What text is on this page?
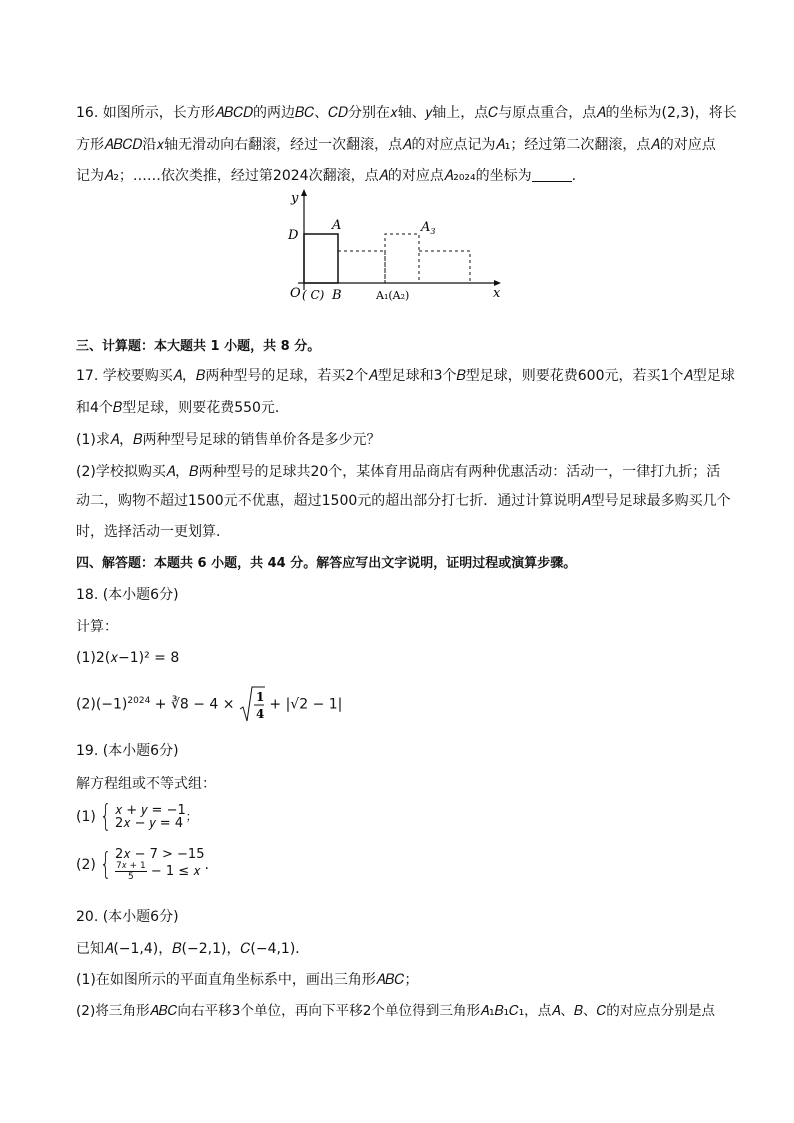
16. 如图所示，长方形𝐴𝐵𝐶𝐷的两边𝐵𝐶、𝐶𝐷分别在𝑥轴、𝑦轴上，点𝐶与原点重合，点𝐴的坐标为(2,3)，将长
方形𝐴𝐵𝐶𝐷沿𝑥轴无滑动向右翻滚，经过一次翻滚，点𝐴的对应点记为𝐴₁；经过第二次翻滚，点𝐴的对应点
记为𝐴₂；……依次类推，经过第2024次翻滚，点𝐴的对应点𝐴₂₀₂₄的坐标为	.
y
D
A	$A_3$
O ( C) B	A₁(A₂)	x
三、计算题：本大题共 1 小题，共 8 分。
17. 学校要购买𝐴，𝐵两种型号的足球，若买2个𝐴型足球和3个𝐵型足球，则要花费600元，若买1个𝐴型足球
和4个𝐵型足球，则要花费550元．
(1)求𝐴，𝐵两种型号足球的销售单价各是多少元？
(2)学校拟购买𝐴，𝐵两种型号的足球共20个，某体育用品商店有两种优惠活动：活动一，一律打九折；活
动二，购物不超过1500元不优惠，超过1500元的超出部分打七折．通过计算说明𝐴型号足球最多购买几个
时，选择活动一更划算．
四、解答题：本题共 6 小题，共 44 分。解答应写出文字说明，证明过程或演算步骤。
18. (本小题6分)
计算：
(1)2(𝑥−1)² = 8
$(2)(-1)^{2024}$ + ∛8 − 4 × 1
4
+ |√2 − 1|
19. (本小题6分)
解方程组或不等式组：
(1) { 𝑥 + 𝑦 = −1
2𝑥 − 𝑦 = 4 ；
(2) { 2𝑥 − 7 > −15
$\frac{\text{7𝑥 + 1}}{5} - 1$ ≤ 𝑥 .
20. (本小题6分)
已知𝐴(−1,4)，𝐵(−2,1)，𝐶(−4,1)．
(1)在如图所示的平面直角坐标系中，画出三角形𝐴𝐵𝐶；
(2)将三角形𝐴𝐵𝐶向右平移3个单位，再向下平移2个单位得到三角形𝐴₁𝐵₁𝐶₁，点𝐴、𝐵、𝐶的对应点分别是点
